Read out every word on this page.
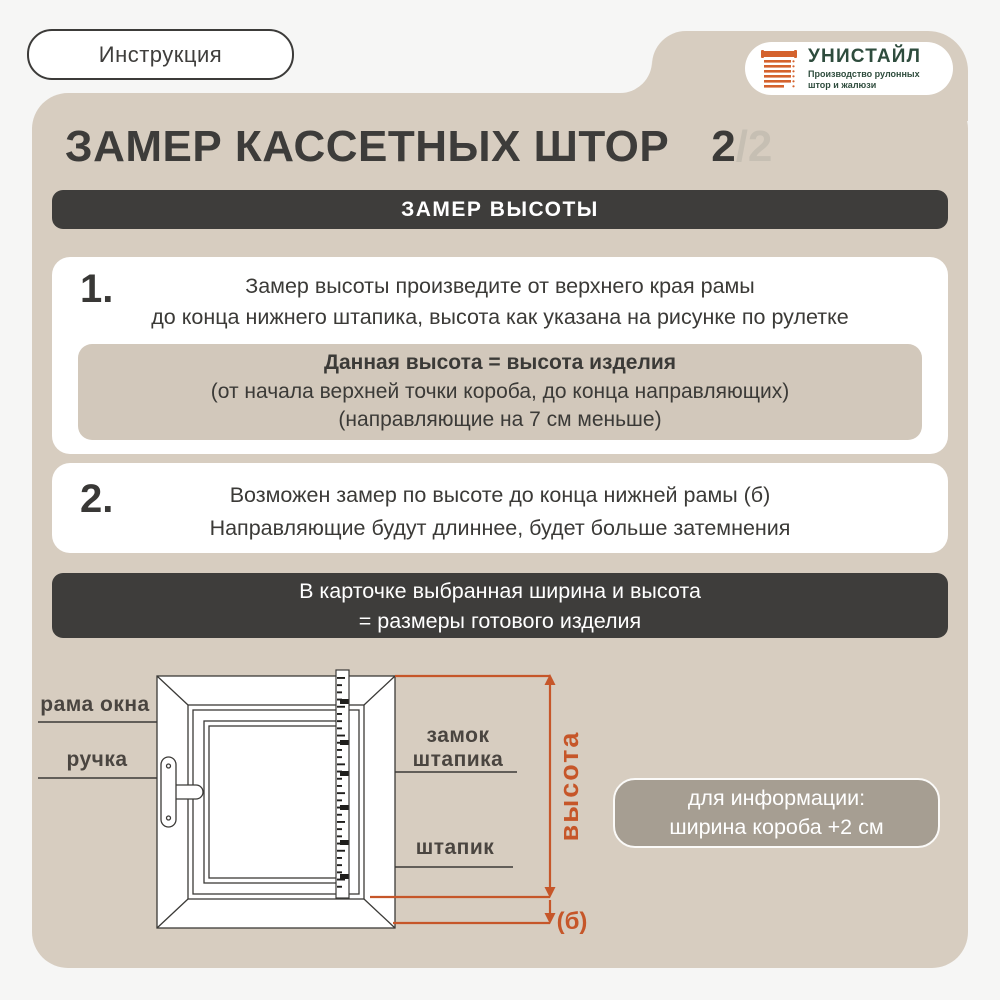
Инструкция	УНИСТАЙЛ
Производство рулонных
штор и жалюзи
ЗАМЕР КАССЕТНЫХ ШТОР 2/2
ЗАМЕР ВЫСОТЫ
1.	Замер высоты произведите от верхнего края рамы
до конца нижнего штапика, высота как указана на рисунке по рулетке
Данная высота = высота изделия
(от начала верхней точки короба, до конца направляющих)
(направляющие на 7 см меньше)
2.	Возможен замер по высоте до конца нижней рамы (б)
Направляющие будут длиннее, будет больше затемнения
В карточке выбранная ширина и высота
= размеры готового изделия
для информации:
ширина короба +2 см
рама окна
ручка
замок
штапика
штапик
высота
(б)
